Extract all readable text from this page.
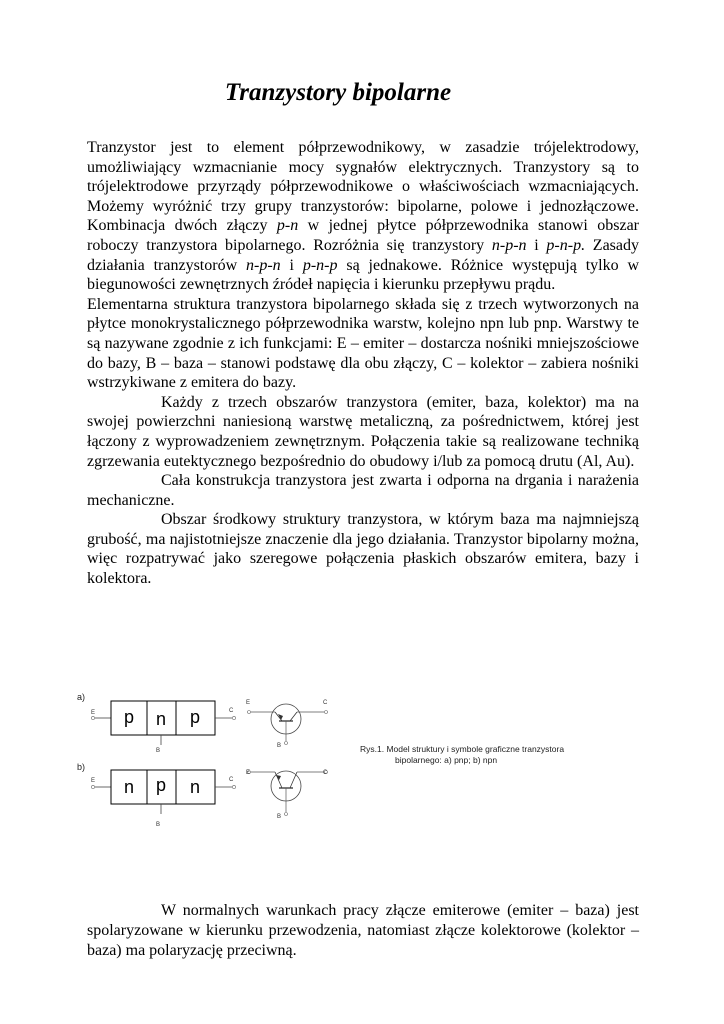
Tranzystory bipolarne

Tranzystor jest to element półprzewodnikowy, w zasadzie trójelektrodowy, umożliwiający wzmacnianie mocy sygnałów elektrycznych. Tranzystory są to trójelektrodowe przyrządy półprzewodnikowe o właściwościach wzmacniających. Możemy wyróżnić trzy grupy tranzystorów: bipolarne, polowe i jednozłączowe. Kombinacja dwóch złączy p-n w jednej płytce półprzewodnika stanowi obszar roboczy tranzystora bipolarnego. Rozróżnia się tranzystory n-p-n i p-n-p. Zasady działania tranzystorów n-p-n i p-n-p są jednakowe. Różnice występują tylko w biegunowości zewnętrznych źródeł napięcia i kierunku przepływu prądu.

Elementarna struktura tranzystora bipolarnego składa się z trzech wytworzonych na płytce monokrystalicznego półprzewodnika warstw, kolejno npn lub pnp. Warstwy te są nazywane zgodnie z ich funkcjami: E – emiter – dostarcza nośniki mniejszościowe do bazy, B – baza – stanowi podstawę dla obu złączy, C – kolektor – zabiera nośniki wstrzykiwane z emitera do bazy.

Każdy z trzech obszarów tranzystora (emiter, baza, kolektor) ma na swojej powierzchni naniesioną warstwę metaliczną, za pośrednictwem, której jest łączony z wyprowadzeniem zewnętrznym. Połączenia takie są realizowane techniką zgrzewania eutektycznego bezpośrednio do obudowy i/lub za pomocą drutu (Al, Au).

Cała konstrukcja tranzystora jest zwarta i odporna na drgania i narażenia mechaniczne.

Obszar środkowy struktury tranzystora, w którym baza ma najmniejszą grubość, ma najistotniejsze znaczenie dla jego działania. Tranzystor bipolarny można, więc rozpatrywać jako szeregowe połączenia płaskich obszarów emitera, bazy i kolektora.

a)
E p n p	C
B
E	C
B
b)
E n p n	C
B
E	C
B
Rys.1. Model struktury i symbole graficzne tranzystora
bipolarnego: a) pnp; b) npn

W normalnych warunkach pracy złącze emiterowe (emiter – baza) jest spolaryzowane w kierunku przewodzenia, natomiast złącze kolektorowe (kolektor – baza) ma polaryzację przeciwną.
